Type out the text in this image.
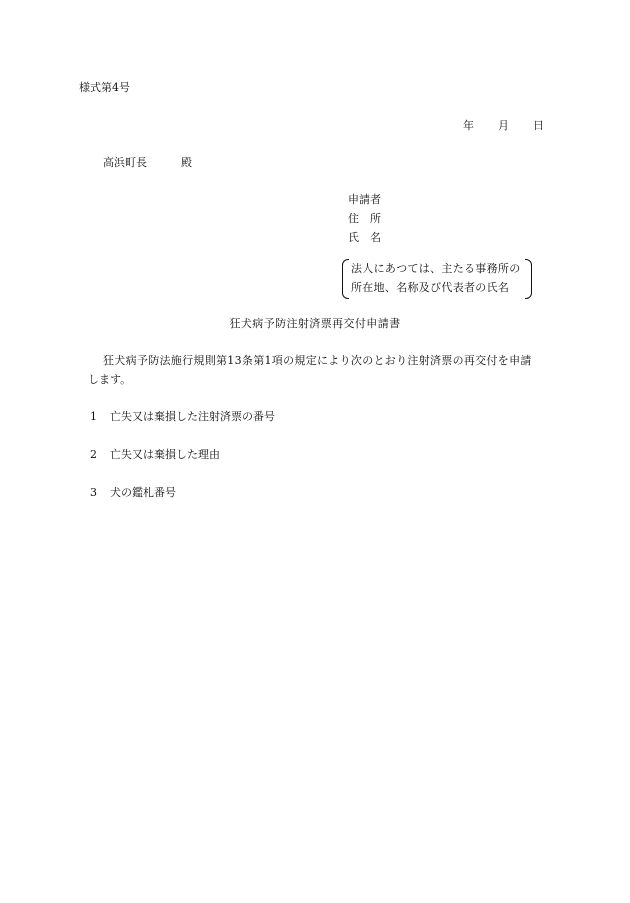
様式第4号
年 月 日
高浜町長	殿
申請者
住 所
氏 名
法人にあつては、主たる事務所の
所在地、名称及び代表者の氏名
狂犬病予防注射済票再交付申請書
狂犬病予防法施行規則第13条第1項の規定により次のとおり注射済票の再交付を申請
します。
1 亡失又は棄損した注射済票の番号
2 亡失又は棄損した理由
3 犬の鑑札番号
